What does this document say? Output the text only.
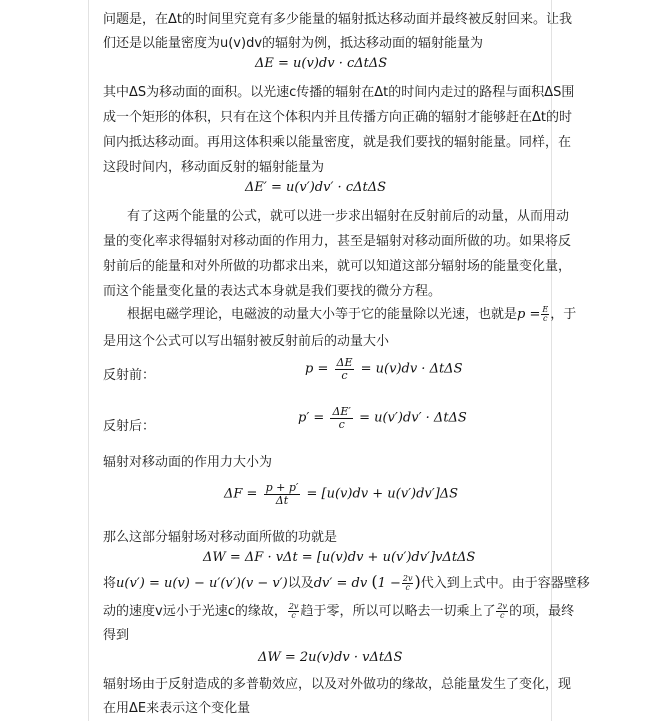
问题是，在Δt的时间里究竟有多少能量的辐射抵达移动面并最终被反射回来。让我
们还是以能量密度为u(v)dv的辐射为例，抵达移动面的辐射能量为
ΔE = u(v)dv · cΔtΔS
其中ΔS为移动面的面积。以光速c传播的辐射在Δt的时间内走过的路程与面积ΔS围
成一个矩形的体积，只有在这个体积内并且传播方向正确的辐射才能够赶在Δt的时
间内抵达移动面。再用这体积乘以能量密度，就是我们要找的辐射能量。同样，在
这段时间内，移动面反射的辐射能量为
ΔE′ = u(v′)dv′ · cΔtΔS
有了这两个能量的公式，就可以进一步求出辐射在反射前后的动量，从而用动
量的变化率求得辐射对移动面的作用力，甚至是辐射对移动面所做的功。如果将反
射前后的能量和对外所做的功都求出来，就可以知道这部分辐射场的能量变化量，
而这个能量变化量的表达式本身就是我们要找的微分方程。
根据电磁学理论，电磁波的动量大小等于它的能量除以光速，也就是$p = \frac{E}{c}$ ，于
是用这个公式可以写出辐射被反射前后的动量大小
反射前：	$p = \frac{\Delta E}{c} = u(v)dv \cdot \Delta t\Delta S$
反射后：
$p' = \frac{\Delta E'}{c} = u(v')dv' \cdot \Delta t\Delta S$
辐射对移动面的作用力大小为
$\Delta F = \frac{p + p'}{\Delta t} = [u(v)dv + u(v')dv']\Delta S$
那么这部分辐射场对移动面所做的功就是
ΔW = ΔF · vΔt = [u(v)dv + u(v′)dv′]vΔtΔS
将u(v′) = u(v) − u′(v′)(v − v′)以及dv′ = dv ($1 - \frac{2v}{c}$ )代入到上式中。由于容器壁移
动的速度v远小于光速c的缘故， $\frac{2v}{c}$ 趋于零，所以可以略去一切乘上了 $\frac{2v}{c}$ 的项，最终
得到
ΔW = 2u(v)dv · vΔtΔS
辐射场由于反射造成的多普勒效应，以及对外做功的缘故，总能量发生了变化，现
在用ΔE来表示这个变化量
